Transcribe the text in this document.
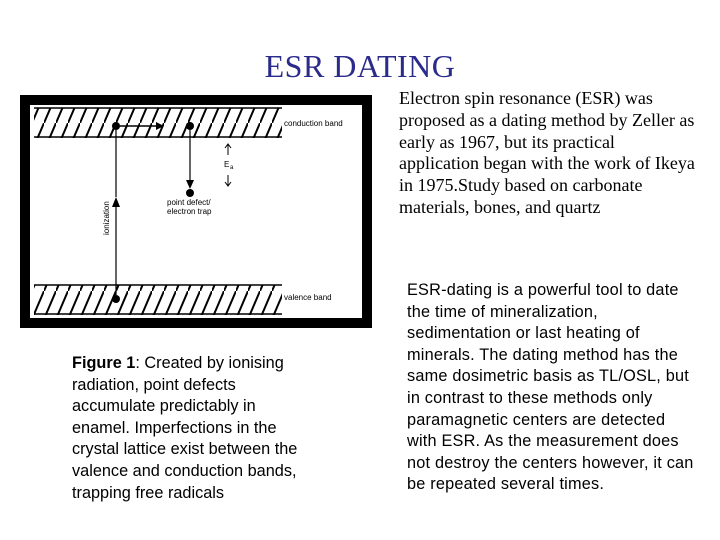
ESR DATING
conduction band
valence band
ionization
E a
point defect/
electron trap
Figure 1: Created by ionising radiation, point defects accumulate predictably in enamel. Imperfections in the crystal lattice exist between the valence and conduction bands, trapping free radicals
Electron spin resonance (ESR) was proposed as a dating method by Zeller as early as 1967, but its practical application began with the work of Ikeya in 1975.Study based on carbonate materials, bones, and quartz
ESR-dating is a powerful tool to date the time of mineralization, sedimentation or last heating of minerals. The dating method has the same dosimetric basis as TL/OSL, but in contrast to these methods only paramagnetic centers are detected with ESR. As the measurement does not destroy the centers however, it can be repeated several times.
